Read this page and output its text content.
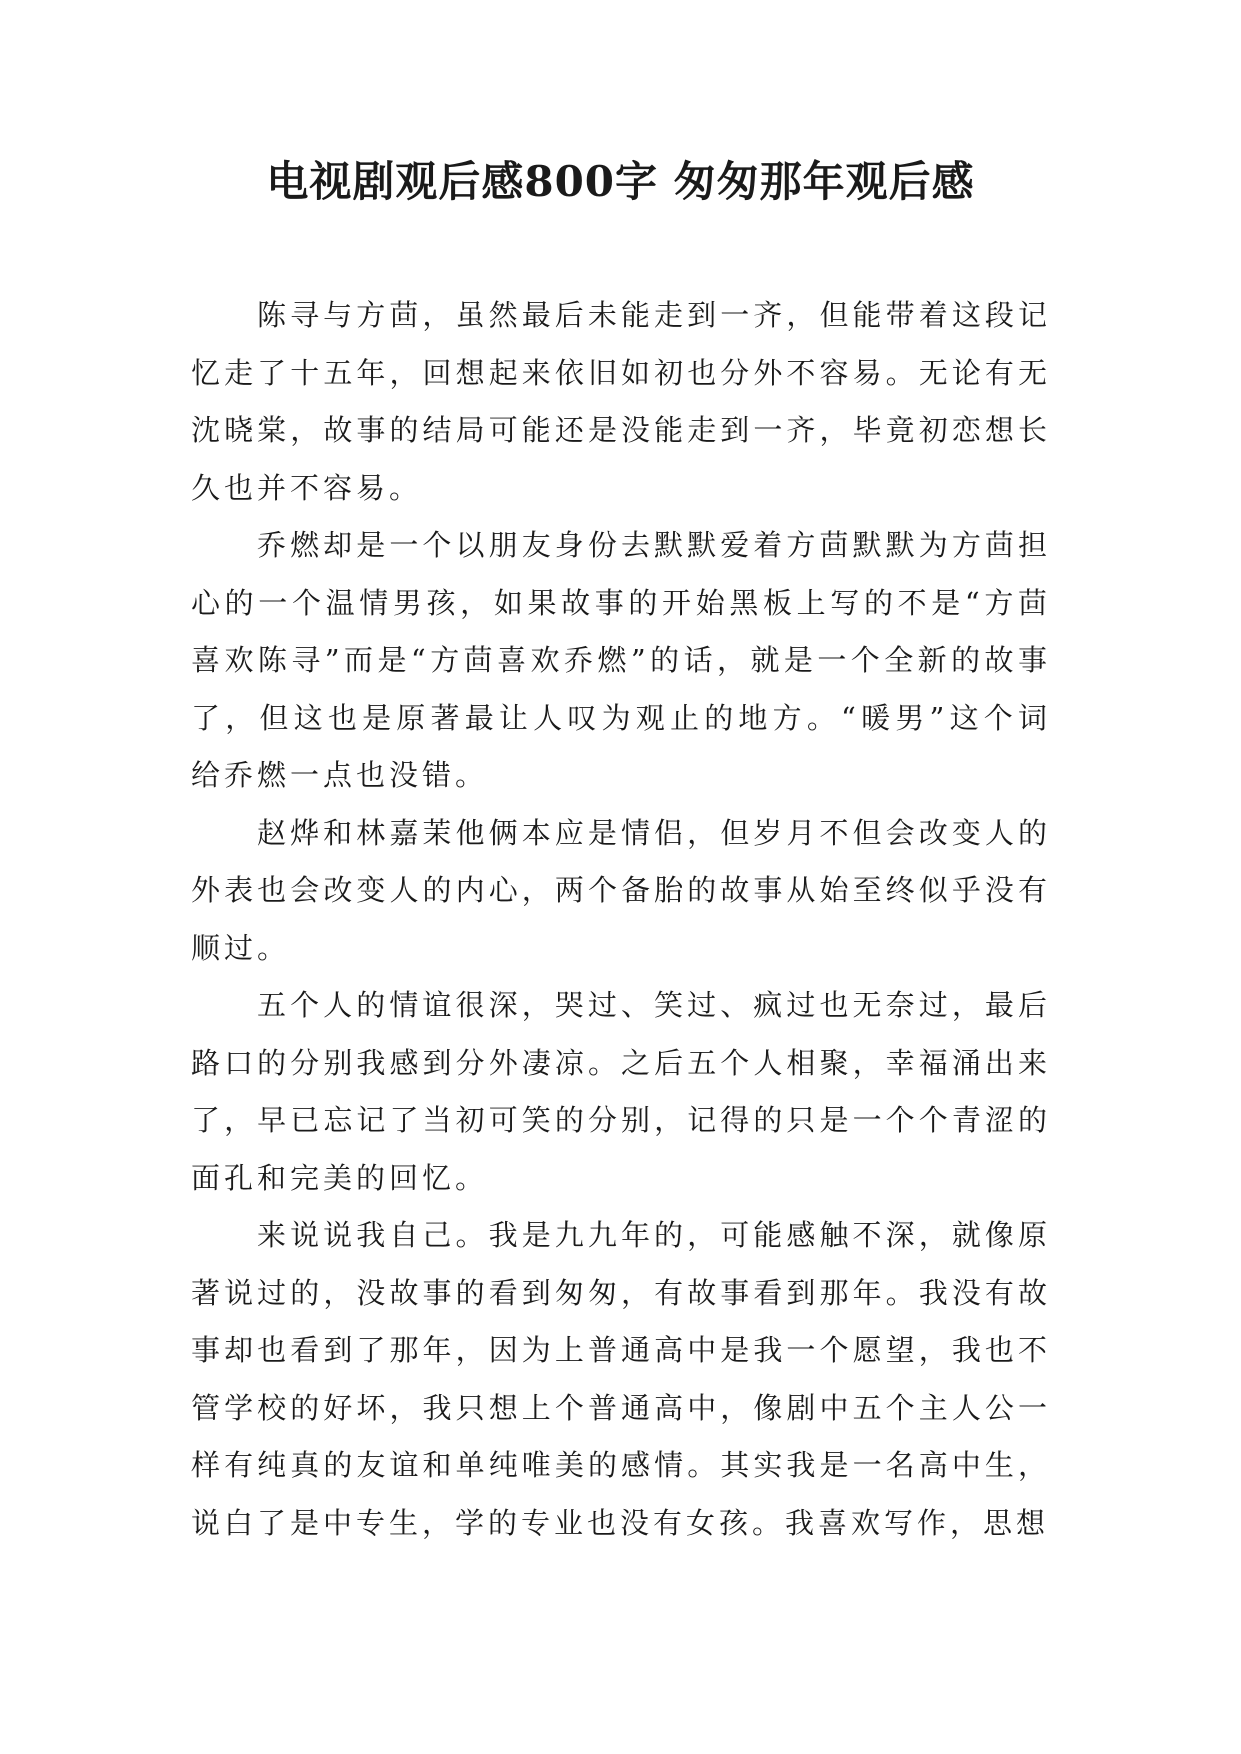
电视剧观后感800字 匆匆那年观后感

陈寻与方茴，虽然最后未能走到一齐，但能带着这段记忆走了十五年，回想起来依旧如初也分外不容易。无论有无沈晓棠，故事的结局可能还是没能走到一齐，毕竟初恋想长久也并不容易。

乔燃却是一个以朋友身份去默默爱着方茴默默为方茴担心的一个温情男孩，如果故事的开始黑板上写的不是“方茴喜欢陈寻”而是“方茴喜欢乔燃”的话，就是一个全新的故事了，但这也是原著最让人叹为观止的地方。“暖男”这个词给乔燃一点也没错。

赵烨和林嘉茉他俩本应是情侣，但岁月不但会改变人的外表也会改变人的内心，两个备胎的故事从始至终似乎没有顺过。

五个人的情谊很深，哭过、笑过、疯过也无奈过，最后路口的分别我感到分外凄凉。之后五个人相聚，幸福涌出来了，早已忘记了当初可笑的分别，记得的只是一个个青涩的面孔和完美的回忆。

来说说我自己。我是九九年的，可能感触不深，就像原著说过的，没故事的看到匆匆，有故事看到那年。我没有故事却也看到了那年，因为上普通高中是我一个愿望，我也不管学校的好坏，我只想上个普通高中，像剧中五个主人公一样有纯真的友谊和单纯唯美的感情。其实我是一名高中生，说白了是中专生，学的专业也没有女孩。我喜欢写作，思想
